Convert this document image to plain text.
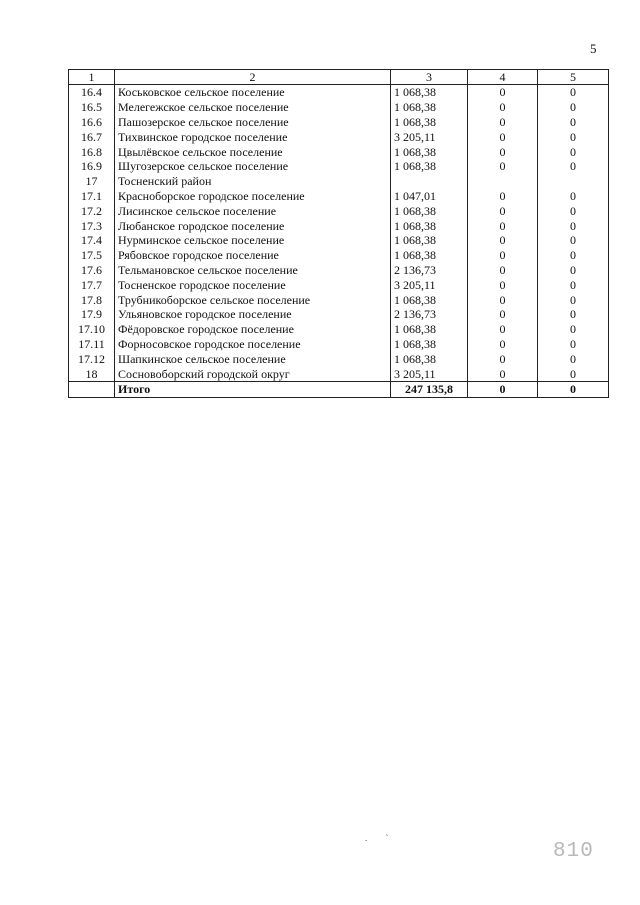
5
1	2	3	4	5
16.4	Коськовское сельское поселение	1 068,38	0	0
16.5	Мелегежское сельское поселение	1 068,38	0	0
16.6	Пашозерское сельское поселение	1 068,38	0	0
16.7	Тихвинское городское поселение	3 205,11	0	0
16.8	Цвылёвское сельское поселение	1 068,38	0	0
16.9	Шугозерское сельское поселение	1 068,38	0	0
17	Тосненский район			
17.1	Красноборское городское поселение	1 047,01	0	0
17.2	Лисинское сельское поселение	1 068,38	0	0
17.3	Любанское городское поселение	1 068,38	0	0
17.4	Нурминское сельское поселение	1 068,38	0	0
17.5	Рябовское городское поселение	1 068,38	0	0
17.6	Тельмановское сельское поселение	2 136,73	0	0
17.7	Тосненское городское поселение	3 205,11	0	0
17.8	Трубникоборское сельское поселение	1 068,38	0	0
17.9	Ульяновское городское поселение	2 136,73	0	0
17.10	Фёдоровское городское поселение	1 068,38	0	0
17.11	Форносовское городское поселение	1 068,38	0	0
17.12	Шапкинское сельское поселение	1 068,38	0	0
18	Сосновоборский городской округ	3 205,11	0	0
	Итого	247 135,8	0	0
. `
810
